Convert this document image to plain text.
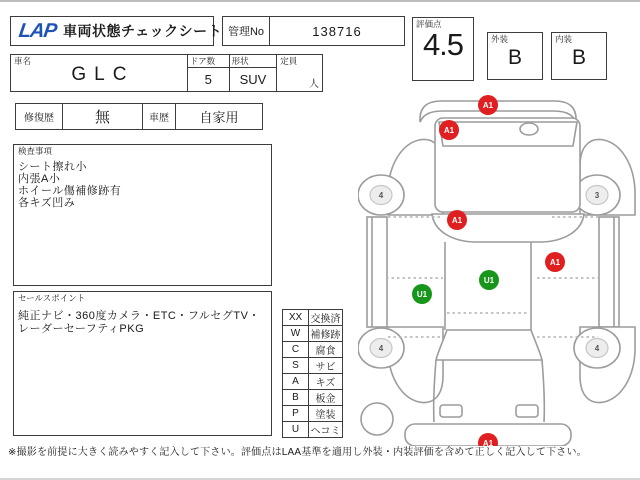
LAP 車両状態チェックシート 管理No	138716	評価点
4.5	外装
B
内装
B
車名
GLC
ドア数
5
形状
SUV
定員
人
修復歴	無	車歴	自家用
検査事項
シート擦れ小
内張A小
ホイール傷補修跡有
各キズ凹み
セールスポイント
純正ナビ・360度カメラ・ETC・フルセグTV・レーダーセーフティPKG
XX	交換済
W	補修跡
C	腐食
S	サビ
A	キズ
B	板金
P	塗装
U	ヘコミ
4	3
4	4
A1
A1
A1
A1
U1
U1
A1
※撮影を前提に大きく読みやすく記入して下さい。評価点はLAA基準を適用し外装・内装評価を含めて正しく記入して下さい。
